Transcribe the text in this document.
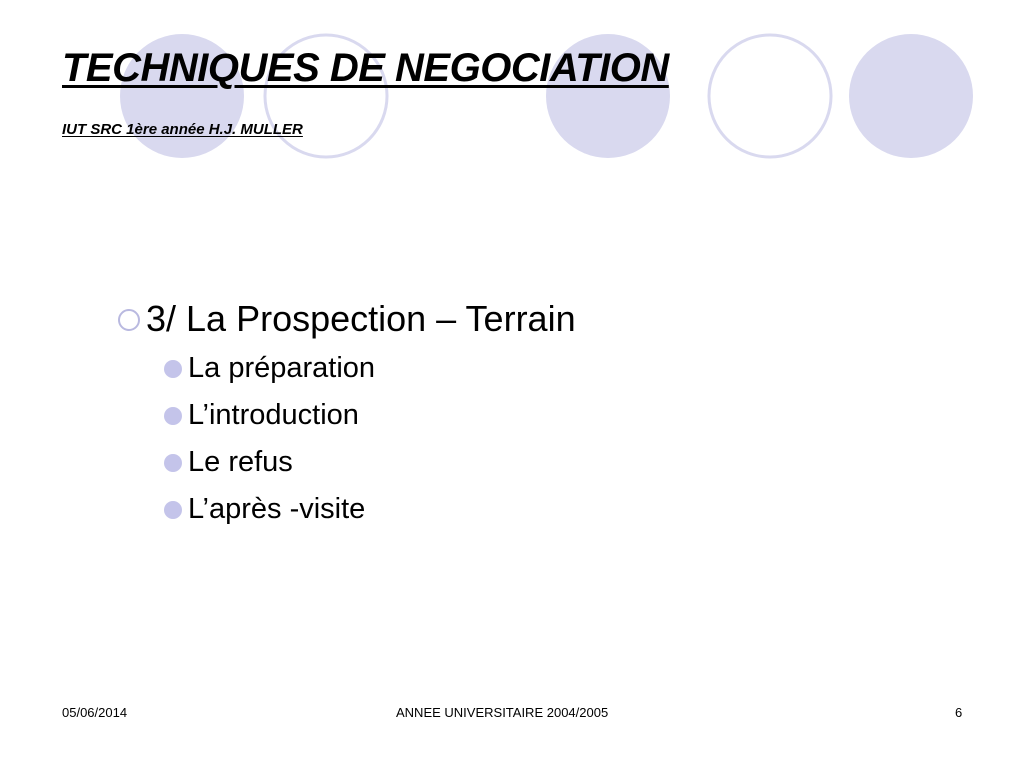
TECHNIQUES DE NEGOCIATION
IUT SRC 1ère année H.J. MULLER
3/ La Prospection – Terrain
La préparation
L’introduction
Le refus
L’après -visite
05/06/2014	ANNEE UNIVERSITAIRE 2004/2005	6
